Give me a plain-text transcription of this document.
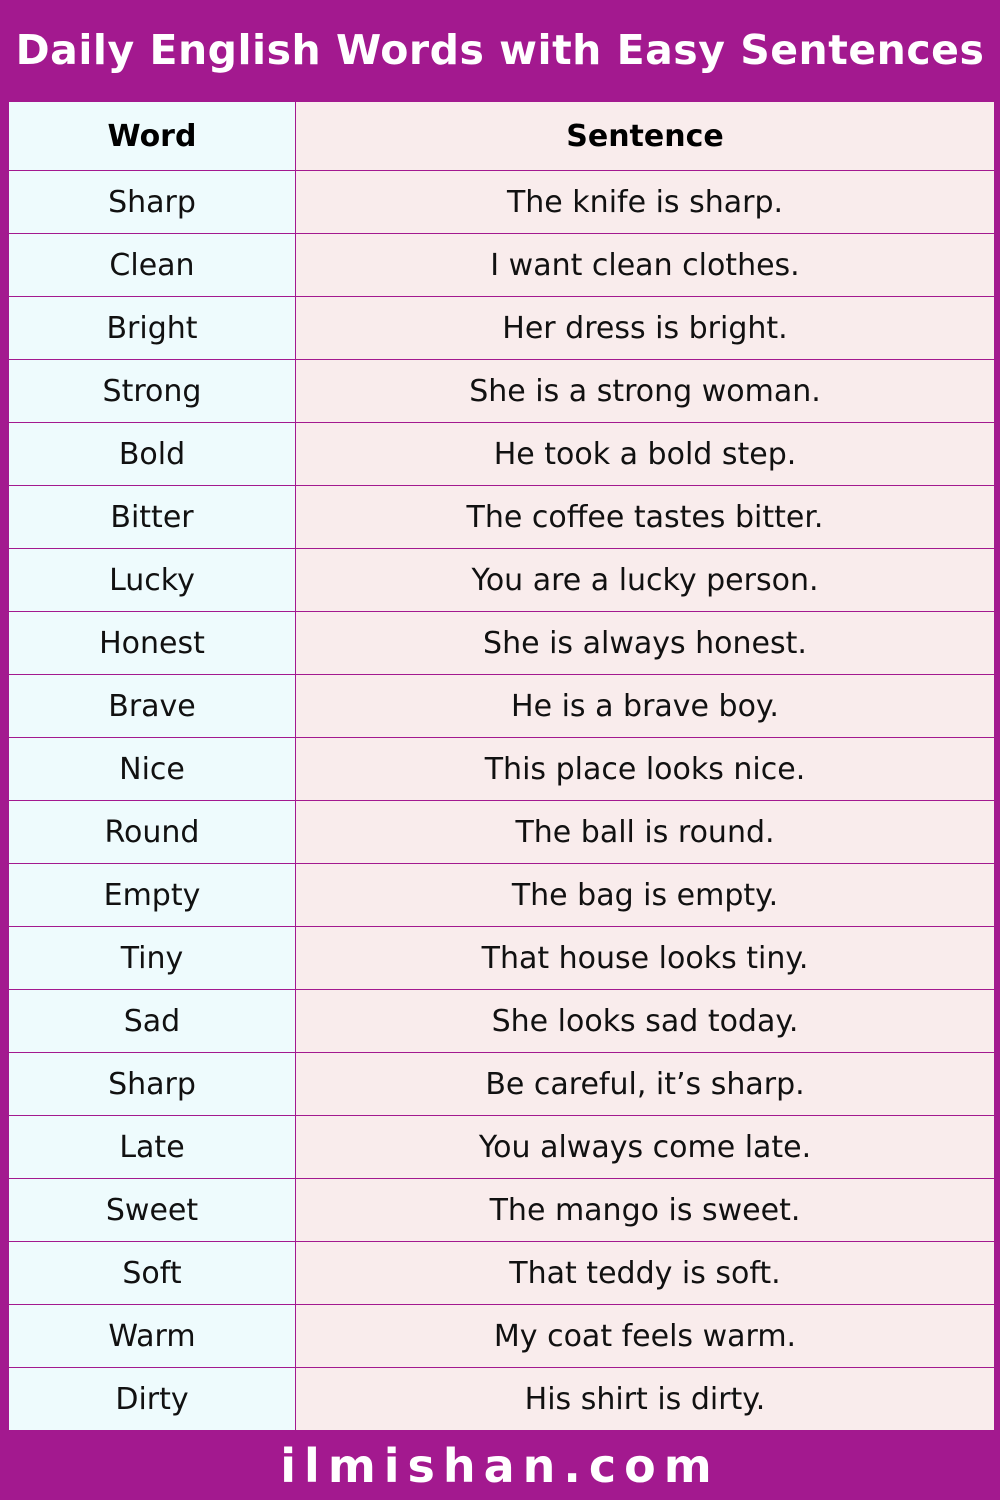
Daily English Words with Easy Sentences
Word	Sentence
Sharp	The knife is sharp.
Clean	I want clean clothes.
Bright	Her dress is bright.
Strong	She is a strong woman.
Bold	He took a bold step.
Bitter	The coffee tastes bitter.
Lucky	You are a lucky person.
Honest	She is always honest.
Brave	He is a brave boy.
Nice	This place looks nice.
Round	The ball is round.
Empty	The bag is empty.
Tiny	That house looks tiny.
Sad	She looks sad today.
Sharp	Be careful, it’s sharp.
Late	You always come late.
Sweet	The mango is sweet.
Soft	That teddy is soft.
Warm	My coat feels warm.
Dirty	His shirt is dirty.
ilmishan.com
